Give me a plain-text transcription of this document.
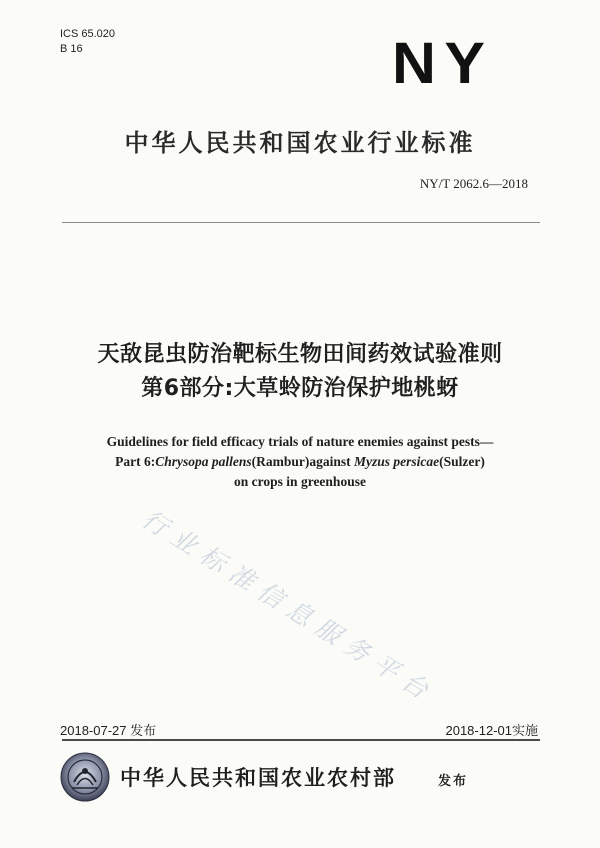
ICS 65.020
B 16	NY
中华人民共和国农业行业标准
NY/T 2062.6—2018
天敌昆虫防治靶标生物田间药效试验准则
第6部分:大草蛉防治保护地桃蚜
Guidelines for field efficacy trials of nature enemies against pests—
Part 6:Chrysopa pallens(Rambur)against Myzus persicae(Sulzer)
on crops in greenhouse
行业标准信息服务平台
2018-07-27 发布	2018-12-01实施
中华人民共和国农业农村部	发布
